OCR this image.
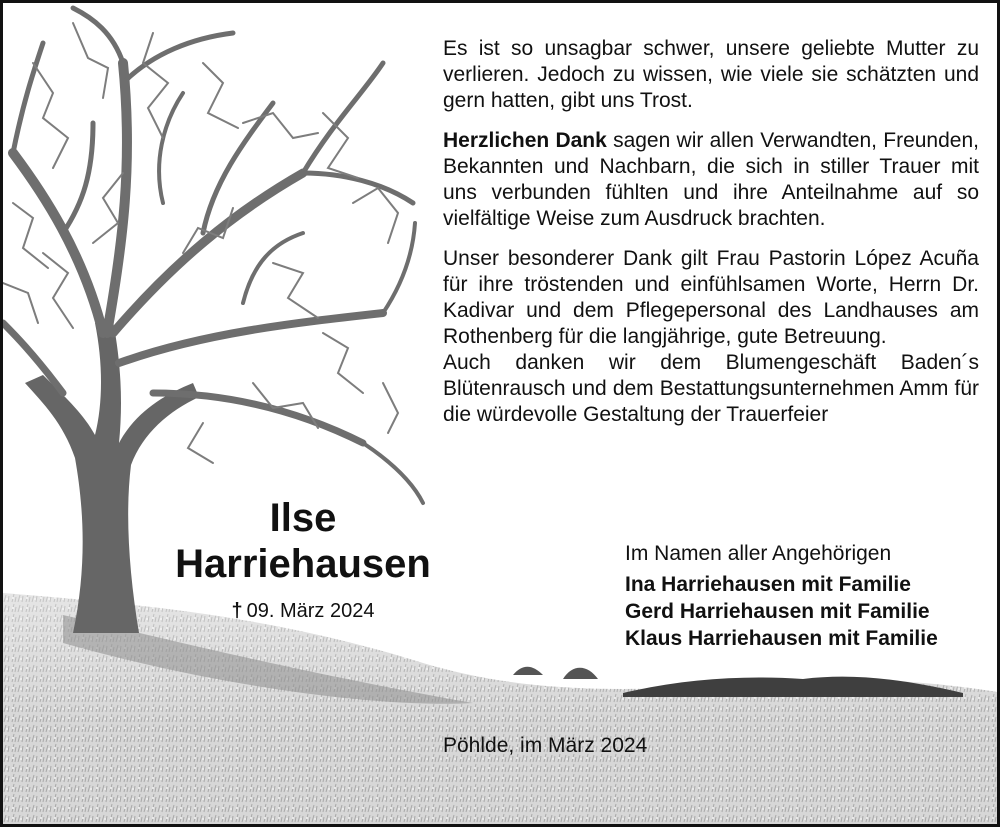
Es ist so unsagbar schwer, unsere geliebte Mutter zu verlieren. Jedoch zu wissen, wie viele sie schätzten und gern hatten, gibt uns Trost.

Herzlichen Dank sagen wir allen Verwandten, Freunden, Bekannten und Nachbarn, die sich in stiller Trauer mit uns verbunden fühlten und ihre Anteilnahme auf so vielfältige Weise zum Ausdruck brachten.

Unser besonderer Dank gilt Frau Pastorin López Acuña für ihre tröstenden und einfühlsamen Worte, Herrn Dr. Kadivar und dem Pflegepersonal des Landhauses am Rothenberg für die langjährige, gute Betreuung.

Auch danken wir dem Blumengeschäft Baden´s Blütenrausch und dem Bestattungsunternehmen Amm für die würdevolle Gestaltung der Trauerfeier

Ilse
Harriehausen
† 09. März 2024
Im Namen aller Angehörigen
Ina Harriehausen mit Familie
Gerd Harriehausen mit Familie
Klaus Harriehausen mit Familie
Pöhlde, im März 2024
